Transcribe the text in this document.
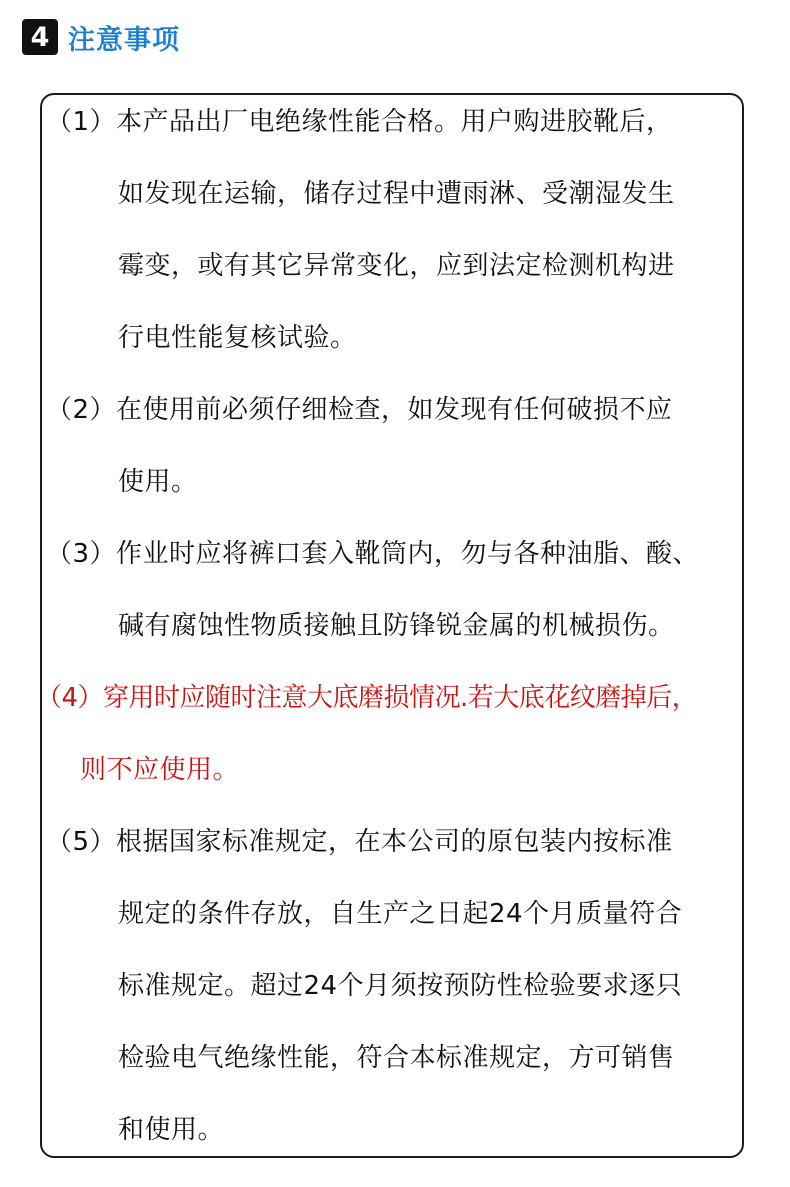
4 注意事项
（1）本产品出厂电绝缘性能合格。用户购进胶靴后，
如发现在运输，储存过程中遭雨淋、受潮湿发生
霉变，或有其它异常变化，应到法定检测机构进
行电性能复核试验。
（2）在使用前必须仔细检查，如发现有任何破损不应
使用。
（3）作业时应将裤口套入靴筒内，勿与各种油脂、酸、
碱有腐蚀性物质接触且防锋锐金属的机械损伤。
（4）穿用时应随时注意大底磨损情况.若大底花纹磨掉后，
则不应使用。
（5）根据国家标准规定，在本公司的原包装内按标准
规定的条件存放，自生产之日起24个月质量符合
标准规定。超过24个月须按预防性检验要求逐只
检验电气绝缘性能，符合本标准规定，方可销售
和使用。
